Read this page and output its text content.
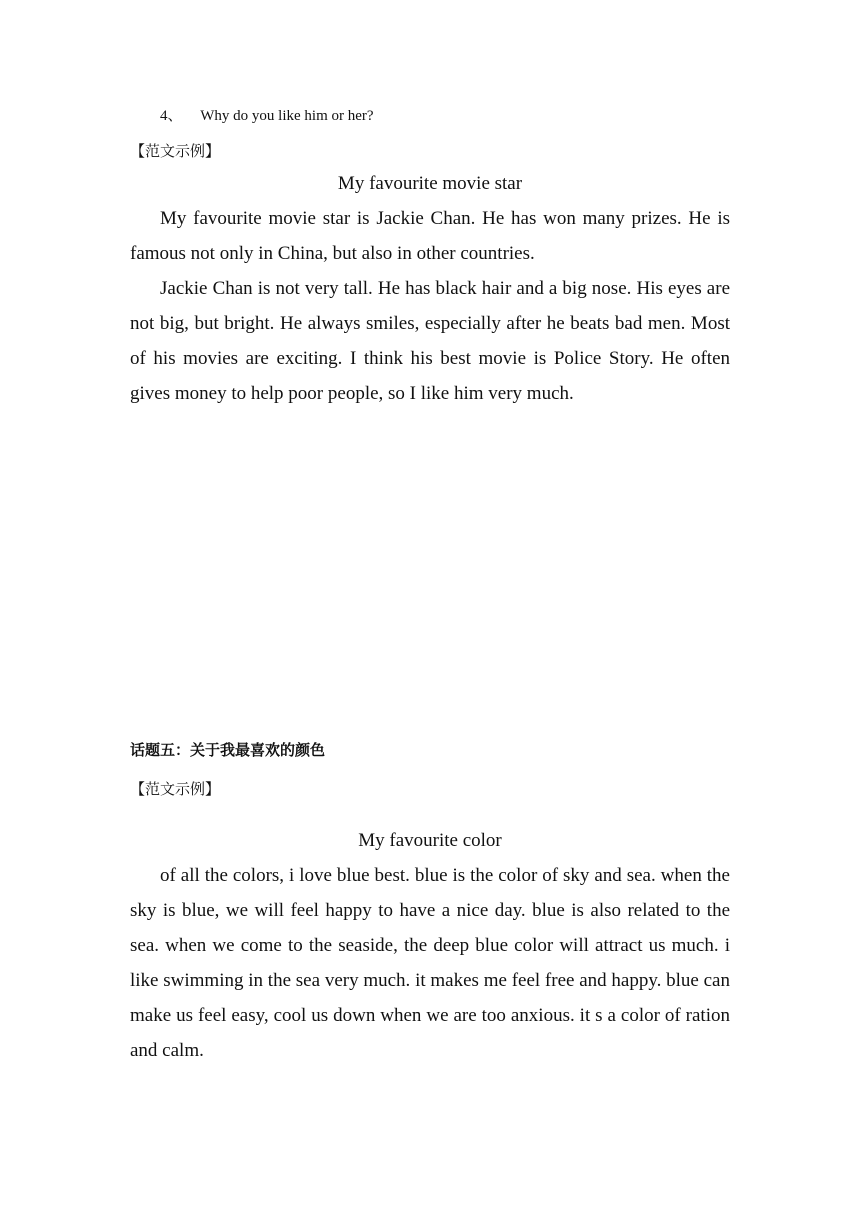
4、 Why do you like him or her?
【范文示例】
My favourite movie star

My favourite movie star is Jackie Chan. He has won many prizes. He is famous not only in China, but also in other countries.

Jackie Chan is not very tall. He has black hair and a big nose. His eyes are not big, but bright. He always smiles, especially after he beats bad men. Most of his movies are exciting. I think his best movie is Police Story. He often gives money to help poor people, so I like him very much.

话题五：关于我最喜欢的颜色
【范文示例】
My favourite color

of all the colors, i love blue best. blue is the color of sky and sea. when the sky is blue, we will feel happy to have a nice day. blue is also related to the sea. when we come to the seaside, the deep blue color will attract us much. i like swimming in the sea very much. it makes me feel free and happy. blue can make us feel easy, cool us down when we are too anxious. it s a color of ration and calm.
